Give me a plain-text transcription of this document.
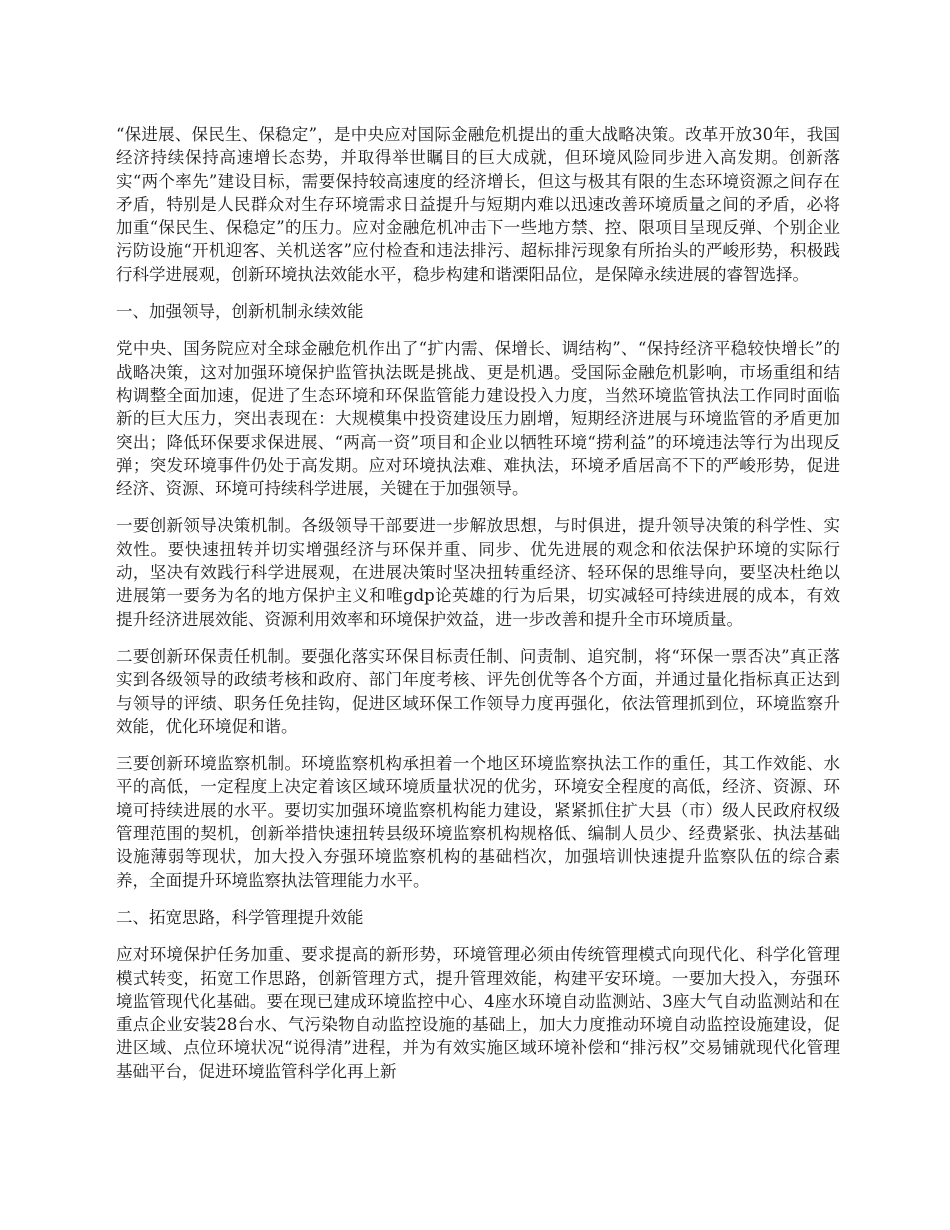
“保进展、保民生、保稳定”，是中央应对国际金融危机提出的重大战略决策。改革开放30年，我国经济持续保持高速增长态势，并取得举世瞩目的巨大成就，但环境风险同步进入高发期。创新落实“两个率先”建设目标，需要保持较高速度的经济增长，但这与极其有限的生态环境资源之间存在矛盾，特别是人民群众对生存环境需求日益提升与短期内难以迅速改善环境质量之间的矛盾，必将加重“保民生、保稳定”的压力。应对金融危机冲击下一些地方禁、控、限项目呈现反弹、个别企业污防设施“开机迎客、关机送客”应付检查和违法排污、超标排污现象有所抬头的严峻形势，积极践行科学进展观，创新环境执法效能水平，稳步构建和谐溧阳品位，是保障永续进展的睿智选择。

一、加强领导，创新机制永续效能

党中央、国务院应对全球金融危机作出了“扩内需、保增长、调结构”、“保持经济平稳较快增长”的战略决策，这对加强环境保护监管执法既是挑战、更是机遇。受国际金融危机影响，市场重组和结构调整全面加速，促进了生态环境和环保监管能力建设投入力度，当然环境监管执法工作同时面临新的巨大压力，突出表现在：大规模集中投资建设压力剧增，短期经济进展与环境监管的矛盾更加突出；降低环保要求保进展、“两高一资”项目和企业以牺牲环境“捞利益”的环境违法等行为出现反弹；突发环境事件仍处于高发期。应对环境执法难、难执法，环境矛盾居高不下的严峻形势，促进经济、资源、环境可持续科学进展，关键在于加强领导。

一要创新领导决策机制。各级领导干部要进一步解放思想，与时俱进，提升领导决策的科学性、实效性。要快速扭转并切实增强经济与环保并重、同步、优先进展的观念和依法保护环境的实际行动，坚决有效践行科学进展观，在进展决策时坚决扭转重经济、轻环保的思维导向，要坚决杜绝以进展第一要务为名的地方保护主义和唯gdp论英雄的行为后果，切实减轻可持续进展的成本，有效提升经济进展效能、资源利用效率和环境保护效益，进一步改善和提升全市环境质量。

二要创新环保责任机制。要强化落实环保目标责任制、问责制、追究制，将“环保一票否决”真正落实到各级领导的政绩考核和政府、部门年度考核、评先创优等各个方面，并通过量化指标真正达到与领导的评绩、职务任免挂钩，促进区域环保工作领导力度再强化，依法管理抓到位，环境监察升效能，优化环境促和谐。

三要创新环境监察机制。环境监察机构承担着一个地区环境监察执法工作的重任，其工作效能、水平的高低，一定程度上决定着该区域环境质量状况的优劣，环境安全程度的高低，经济、资源、环境可持续进展的水平。要切实加强环境监察机构能力建设，紧紧抓住扩大县（市）级人民政府权级管理范围的契机，创新举措快速扭转县级环境监察机构规格低、编制人员少、经费紧张、执法基础设施薄弱等现状，加大投入夯强环境监察机构的基础档次，加强培训快速提升监察队伍的综合素养，全面提升环境监察执法管理能力水平。

二、拓宽思路，科学管理提升效能

应对环境保护任务加重、要求提高的新形势，环境管理必须由传统管理模式向现代化、科学化管理模式转变，拓宽工作思路，创新管理方式，提升管理效能，构建平安环境。一要加大投入，夯强环境监管现代化基础。要在现已建成环境监控中心、4座水环境自动监测站、3座大气自动监测站和在重点企业安装28台水、气污染物自动监控设施的基础上，加大力度推动环境自动监控设施建设，促进区域、点位环境状况“说得清”进程，并为有效实施区域环境补偿和“排污权”交易铺就现代化管理基础平台，促进环境监管科学化再上新
